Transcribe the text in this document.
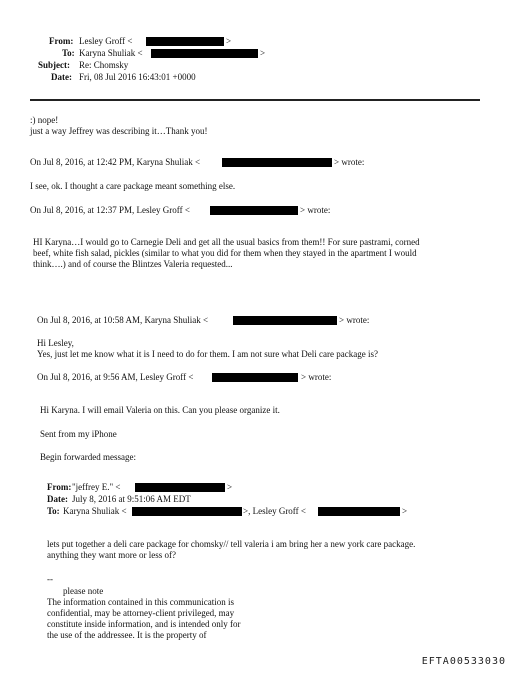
From: Lesley Groff <	>
To: Karyna Shuliak <	>
Subject: Re: Chomsky
Date: Fri, 08 Jul 2016 16:43:01 +0000
:) nope!
just a way Jeffrey was describing it…Thank you!
On Jul 8, 2016, at 12:42 PM, Karyna Shuliak <	> wrote:
I see, ok. I thought a care package meant something else.
On Jul 8, 2016, at 12:37 PM, Lesley Groff <	> wrote:
HI Karyna…I would go to Carnegie Deli and get all the usual basics from them!! For sure pastrami, corned
beef, white fish salad, pickles (similar to what you did for them when they stayed in the apartment I would
think….) and of course the Blintzes Valeria requested...
On Jul 8, 2016, at 10:58 AM, Karyna Shuliak <	> wrote:
Hi Lesley,
Yes, just let me know what it is I need to do for them. I am not sure what Deli care package is?
On Jul 8, 2016, at 9:56 AM, Lesley Groff <	> wrote:
Hi Karyna. I will email Valeria on this. Can you please organize it.
Sent from my iPhone
Begin forwarded message:
From: "jeffrey E." <	>
Date: July 8, 2016 at 9:51:06 AM EDT
To: Karyna Shuliak <	>, Lesley Groff <	>
lets put together a deli care package for chomsky// tell valeria i am bring her a new york care package.
anything they want more or less of?
--
please note
The information contained in this communication is
confidential, may be attorney-client privileged, may
constitute inside information, and is intended only for
the use of the addressee. It is the property of
EFTA00533030
